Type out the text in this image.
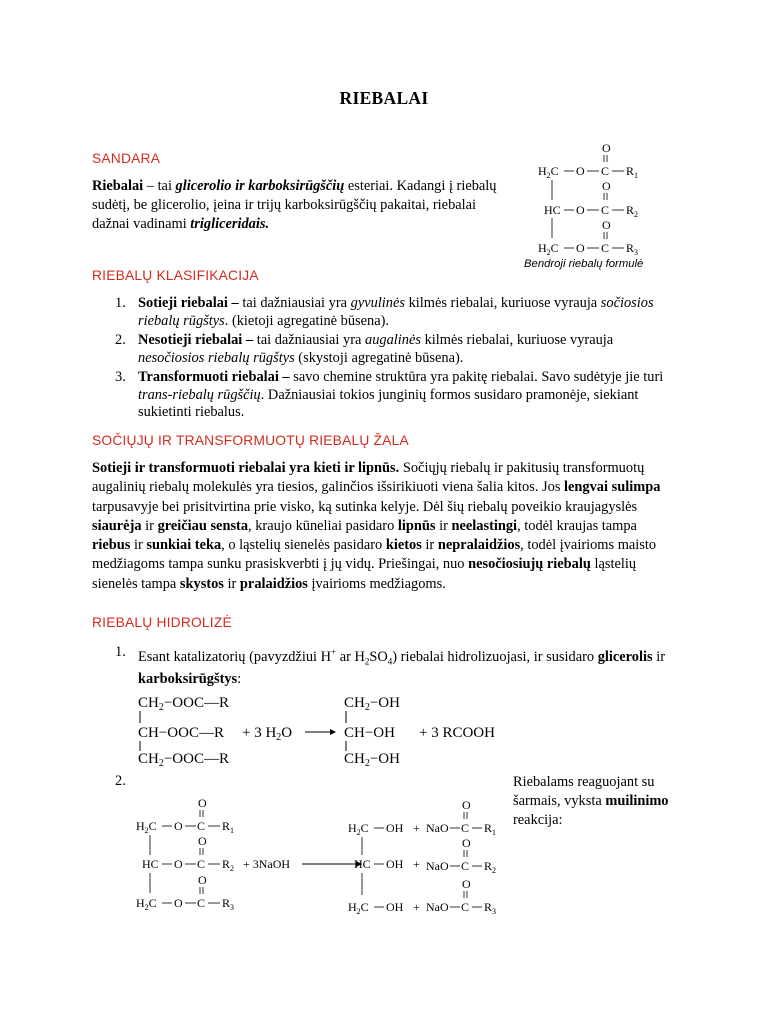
RIEBALAI
SANDARA
Riebalai – tai glicerolio ir karboksirūgščių esteriai. Kadangi į riebalų sudėtį, be glicerolio, įeina ir trijų karboksirūgščių pakaitai, riebalai dažnai vadinami trigliceridais.
O
$H_2C$ O C $R_1$
O
HC O C $R_2$
O
$H_2C$ O C $R_3$
Bendroji riebalų formulė
RIEBALŲ KLASIFIKACIJA
1. Sotieji riebalai – tai dažniausiai yra gyvulinės kilmės riebalai, kuriuose vyrauja sočiosios riebalų rūgštys. (kietoji agregatinė būsena).
2. Nesotieji riebalai – tai dažniausiai yra augalinės kilmės riebalai, kuriuose vyrauja nesočiosios riebalų rūgštys (skystoji agregatinė būsena).
3. Transformuoti riebalai – savo chemine struktūra yra pakitę riebalai. Savo sudėtyje jie turi trans-riebalų rūgščių. Dažniausiai tokios junginių formos susidaro pramonėje, siekiant sukietinti riebalus.
SOČIŲJŲ IR TRANSFORMUOTŲ RIEBALŲ ŽALA
Sotieji ir transformuoti riebalai yra kieti ir lipnūs. Sočiųjų riebalų ir pakitusių transformuotų augalinių riebalų molekulės yra tiesios, galinčios išsirikiuoti viena šalia kitos. Jos lengvai sulimpa tarpusavyje bei prisitvirtina prie visko, ką sutinka kelyje. Dėl šių riebalų poveikio kraujagyslės siaurėja ir greičiau sensta, kraujo kūneliai pasidaro lipnūs ir neelastingi, todėl kraujas tampa riebus ir sunkiai teka, o ląstelių sienelės pasidaro kietos ir nepralaidžios, todėl įvairioms maisto medžiagoms tampa sunku prasiskverbti į jų vidų. Priešingai, nuo nesočiosiujų riebalų ląstelių sienelės tampa skystos ir pralaidžios įvairioms medžiagoms.
RIEBALŲ HIDROLIZĖ
1. Esant katalizatorių (pavyzdžiui H+ ar $H_2SO_4$) riebalai hidrolizuojasi, ir susidaro glicerolis ir karboksirūgštys:
$CH_2-OOC—R$
CH−OOC—R
$CH_2-OOC—R$
+ 3 $H_2O$
$CH_2-OH$
CH−OH
$CH_2-OH$
+ 3 RCOOH
2.	Riebalams reaguojant su šarmais, vyksta muilinimo reakcija:
O
$H_2C$ O C $R_1$
O
HC O C $R_2$ + 3NaOH
O
$H_2C$ O C $R_3$
$H_2C$ OH
HC OH
$H_2C$ OH
+
+
+
O
NaO C $R_1$
O
NaO C $R_2$
O
NaO C $R_3$
